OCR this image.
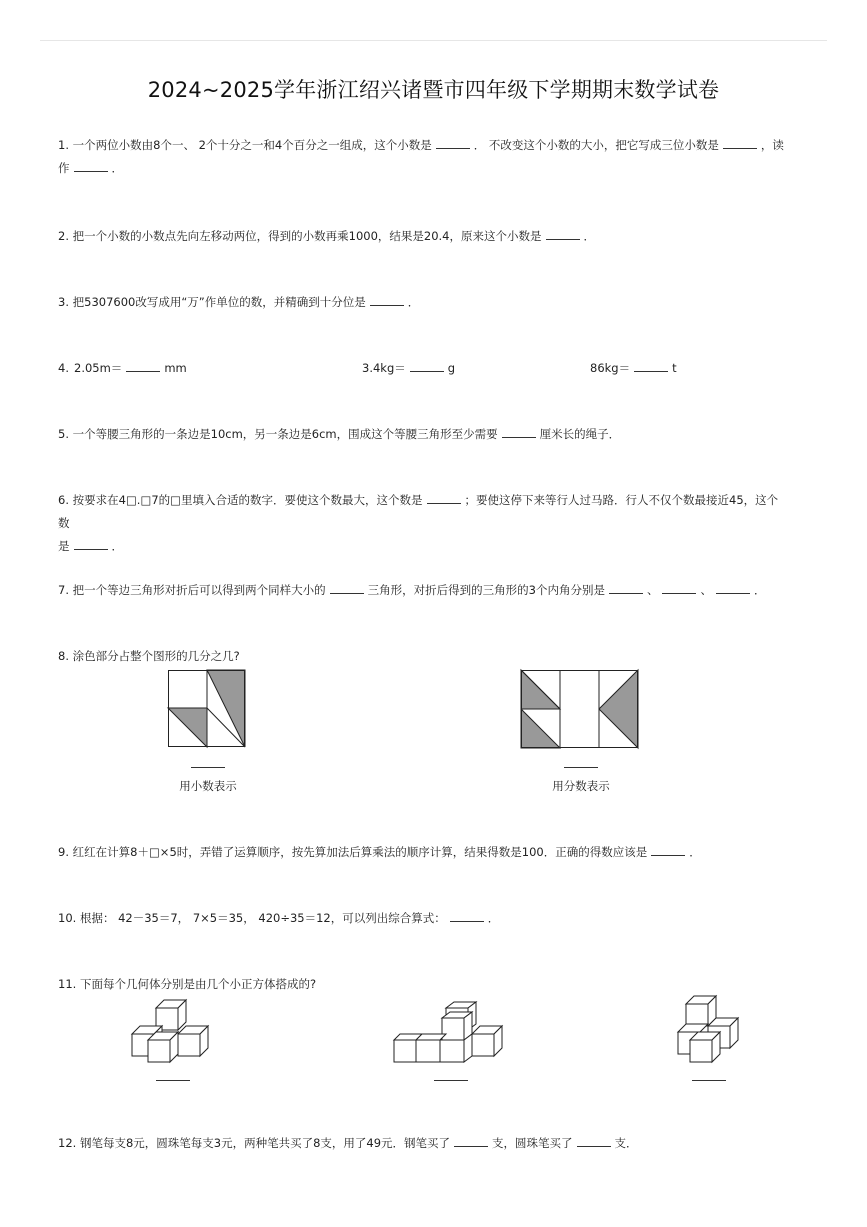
2024~2025学年浙江绍兴诸暨市四年级下学期期末数学试卷
1. 一个两位小数由8个一、 2个十分之一和4个百分之一组成，这个小数是	． 不改变这个小数的大小，把它写成三位小数是	，读
作	．
2. 把一个小数的小数点先向左移动两位，得到的小数再乘1000，结果是20.4，原来这个小数是	．
3. 把5307600改写成用“万”作单位的数，并精确到十分位是	．
4. 2.05m＝	mm	3.4kg＝	g	86kg＝	t
5. 一个等腰三角形的一条边是10cm，另一条边是6cm，围成这个等腰三角形至少需要	厘米长的绳子．
6. 按要求在4□.□7的□里填入合适的数字．要使这个数最大，这个数是	；要使这停下来等行人过马路．行人不仅个数最接近45，这个数
是	．
7. 把一个等边三角形对折后可以得到两个同样大小的	三角形，对折后得到的三角形的3个内角分别是	、	、	．
8. 涂色部分占整个图形的几分之几?
用小数表示	用分数表示
9. 红红在计算8＋□×5时，弄错了运算顺序，按先算加法后算乘法的顺序计算，结果得数是100．正确的得数应该是	．
10. 根据： 42－35＝7， 7×5＝35， 420÷35＝12，可以列出综合算式：	．
11. 下面每个几何体分别是由几个小正方体搭成的?
12. 钢笔每支8元，圆珠笔每支3元，两种笔共买了8支，用了49元．钢笔买了	支，圆珠笔买了	支．
